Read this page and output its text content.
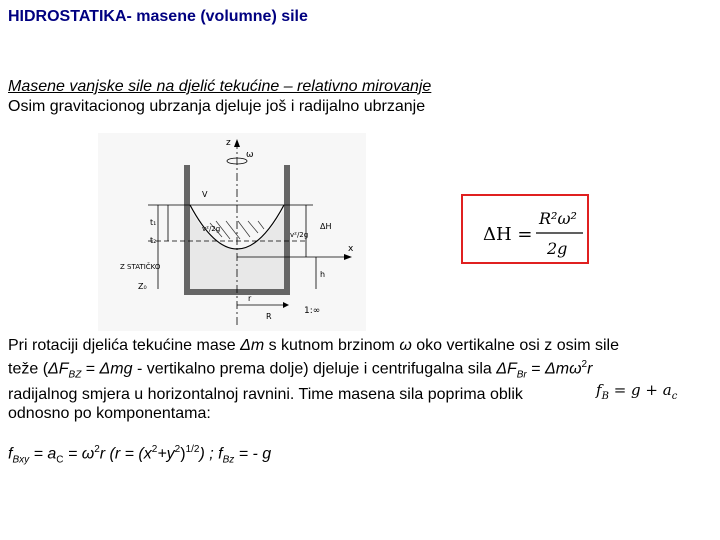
HIDROSTATIKA- masene (volumne) sile
Masene vanjske sile na djelić tekućine – relativno mirovanje
Osim gravitacionog ubrzanja djeluje još i radijalno ubrzanje
z
ω
x
t₁
t₂
Z STATIČKO
Z₀
ΔH
v²/2g
v²/2g
h
R
r
1:∞
V
ΔH =
R²ω²
2g
Pri rotaciji djelića tekućine mase Δm s kutnom brzinom ω oko vertikalne osi z osim sile
teže ($\Delta F_{BZ} = \Delta mg$ - vertikalno prema dolje) djeluje i centrifugalna sila $\Delta F_{Br} = \Delta m\omega^2r$
radijalnog smjera u horizontalnoj ravnini. Time masena sila poprima oblik
odnosno po komponentama:
$f_B = g + a_c$
$f_{Bxy} = a_C = \omega^2r$ $(r = (x^2+y^2)^{1/2})$ ; $f_{Bz}$ = - g
